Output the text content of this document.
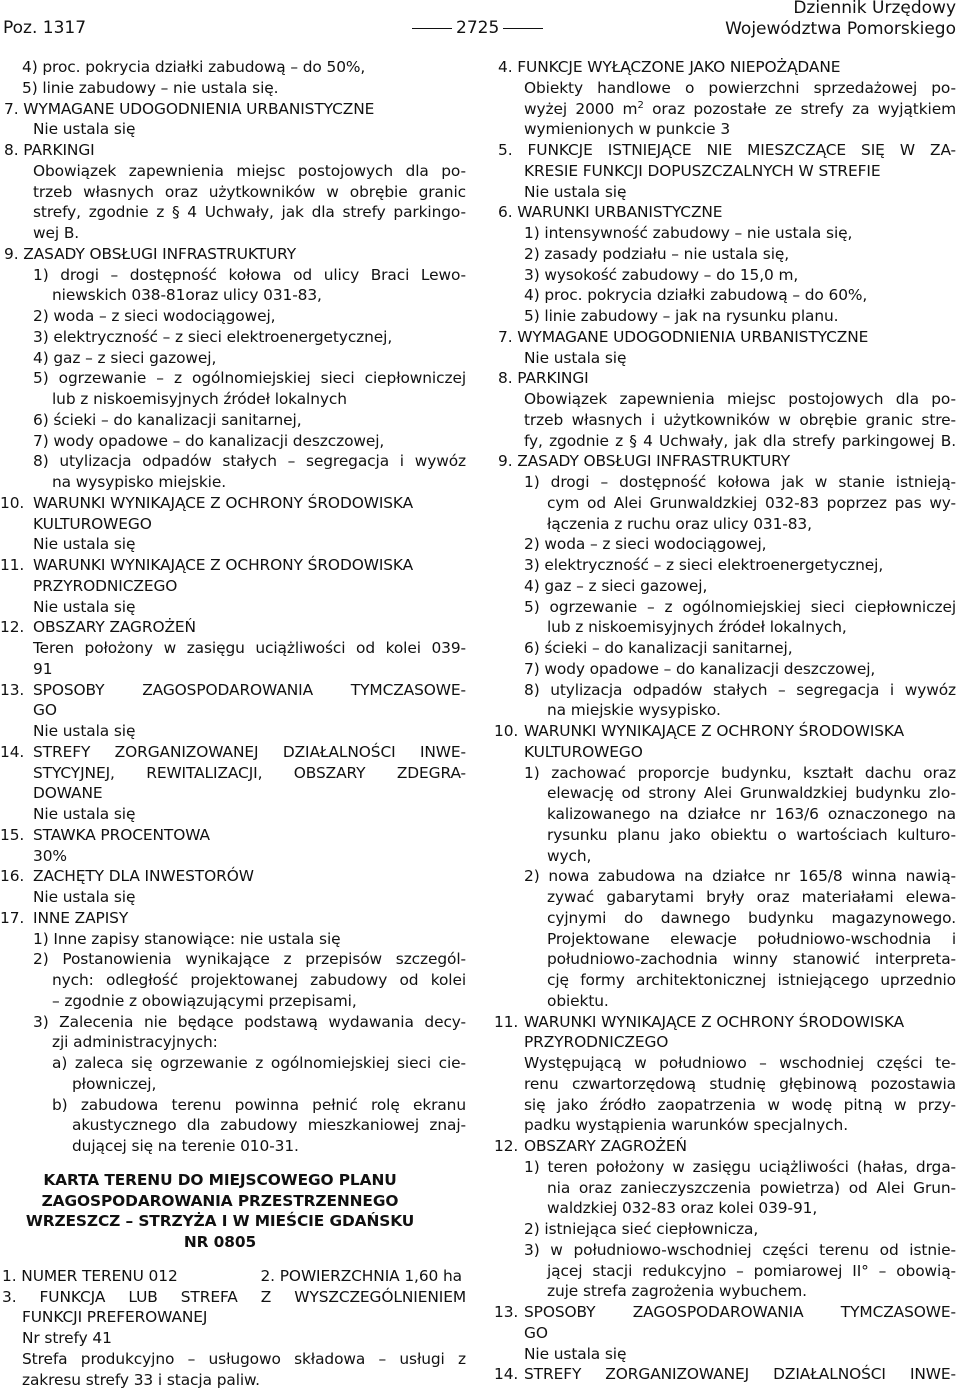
Poz. 1317	2725
Dziennik Urzędowy
Województwa Pomorskiego
4) proc. pokrycia działki zabudową – do 50%,
5) linie zabudowy – nie ustala się.
7. WYMAGANE UDOGODNIENIA URBANISTYCZNE
Nie ustala się
8. PARKINGI
Obowiązek zapewnienia miejsc postojowych dla po-
trzeb własnych oraz użytkowników w obrębie granic
strefy, zgodnie z § 4 Uchwały, jak dla strefy parkingo-
wej B.
9. ZASADY OBSŁUGI INFRASTRUKTURY
1) drogi – dostępność kołowa od ulicy Braci Lewo-
niewskich 038-81oraz ulicy 031-83,
2) woda – z sieci wodociągowej,
3) elektryczność – z sieci elektroenergetycznej,
4) gaz – z sieci gazowej,
5) ogrzewanie – z ogólnomiejskiej sieci ciepłowniczej
lub z niskoemisyjnych źródeł lokalnych
6) ścieki – do kanalizacji sanitarnej,
7) wody opadowe – do kanalizacji deszczowej,
8) utylizacja odpadów stałych – segregacja i wywóz
na wysypisko miejskie.
10. WARUNKI WYNIKAJĄCE Z OCHRONY ŚRODOWISKA
KULTUROWEGO
Nie ustala się
11. WARUNKI WYNIKAJĄCE Z OCHRONY ŚRODOWISKA
PRZYRODNICZEGO
Nie ustala się
12. OBSZARY ZAGROŻEŃ
Teren położony w zasięgu uciążliwości od kolei 039-
91
13. SPOSOBY ZAGOSPODAROWANIA TYMCZASOWE-
GO
Nie ustala się
14. STREFY ZORGANIZOWANEJ DZIAŁALNOŚCI INWE-
STYCYJNEJ, REWITALIZACJI, OBSZARY ZDEGRA-
DOWANE
Nie ustala się
15. STAWKA PROCENTOWA
30%
16. ZACHĘTY DLA INWESTORÓW
Nie ustala się
17. INNE ZAPISY
1) Inne zapisy stanowiące: nie ustala się
2) Postanowienia wynikające z przepisów szczegól-
nych: odległość projektowanej zabudowy od kolei
– zgodnie z obowiązującymi przepisami,
3) Zalecenia nie będące podstawą wydawania decy-
zji administracyjnych:
a) zaleca się ogrzewanie z ogólnomiejskiej sieci cie-
płowniczej,
b) zabudowa terenu powinna pełnić rolę ekranu
akustycznego dla zabudowy mieszkaniowej znaj-
dującej się na terenie 010-31.
KARTA TERENU DO MIEJSCOWEGO PLANU
ZAGOSPODAROWANIA PRZESTRZENNEGO
WRZESZCZ – STRZYŻA I W MIEŚCIE GDAŃSKU
NR 0805
1. NUMER TERENU 012	2. POWIERZCHNIA 1,60 ha
3. FUNKCJA LUB STREFA Z WYSZCZEGÓLNIENIEM
FUNKCJI PREFEROWANEJ
Nr strefy 41
Strefa produkcyjno – usługowo składowa – usługi z
zakresu strefy 33 i stacja paliw.
4. FUNKCJE WYŁĄCZONE JAKO NIEPOŻĄDANE
Obiekty handlowe o powierzchni sprzedażowej po-
wyżej 2000 $m^2$ oraz pozostałe ze strefy za wyjątkiem
wymienionych w punkcie 3
5. FUNKCJE ISTNIEJĄCE NIE MIESZCZĄCE SIĘ W ZA-
KRESIE FUNKCJI DOPUSZCZALNYCH W STREFIE
Nie ustala się
6. WARUNKI URBANISTYCZNE
1) intensywność zabudowy – nie ustala się,
2) zasady podziału – nie ustala się,
3) wysokość zabudowy – do 15,0 m,
4) proc. pokrycia działki zabudową – do 60%,
5) linie zabudowy – jak na rysunku planu.
7. WYMAGANE UDOGODNIENIA URBANISTYCZNE
Nie ustala się
8. PARKINGI
Obowiązek zapewnienia miejsc postojowych dla po-
trzeb własnych i użytkowników w obrębie granic stre-
fy, zgodnie z § 4 Uchwały, jak dla strefy parkingowej B.
9. ZASADY OBSŁUGI INFRASTRUKTURY
1) drogi – dostępność kołowa jak w stanie istnieją-
cym od Alei Grunwaldzkiej 032-83 poprzez pas wy-
łączenia z ruchu oraz ulicy 031-83,
2) woda – z sieci wodociągowej,
3) elektryczność – z sieci elektroenergetycznej,
4) gaz – z sieci gazowej,
5) ogrzewanie – z ogólnomiejskiej sieci ciepłowniczej
lub z niskoemisyjnych źródeł lokalnych,
6) ścieki – do kanalizacji sanitarnej,
7) wody opadowe – do kanalizacji deszczowej,
8) utylizacja odpadów stałych – segregacja i wywóz
na miejskie wysypisko.
10. WARUNKI WYNIKAJĄCE Z OCHRONY ŚRODOWISKA
KULTUROWEGO
1) zachować proporcje budynku, kształt dachu oraz
elewację od strony Alei Grunwaldzkiej budynku zlo-
kalizowanego na działce nr 163/6 oznaczonego na
rysunku planu jako obiektu o wartościach kulturo-
wych,
2) nowa zabudowa na działce nr 165/8 winna nawią-
zywać gabarytami bryły oraz materiałami elewa-
cyjnymi do dawnego budynku magazynowego.
Projektowane elewacje południowo-wschodnia i
południowo-zachodnia winny stanowić interpreta-
cję formy architektonicznej istniejącego uprzednio
obiektu.
11. WARUNKI WYNIKAJĄCE Z OCHRONY ŚRODOWISKA
PRZYRODNICZEGO
Występującą w południowo – wschodniej części te-
renu czwartorzędową studnię głębinową pozostawia
się jako źródło zaopatrzenia w wodę pitną w przy-
padku wystąpienia warunków specjalnych.
12. OBSZARY ZAGROŻEŃ
1) teren położony w zasięgu uciążliwości (hałas, drga-
nia oraz zanieczyszczenia powietrza) od Alei Grun-
waldzkiej 032-83 oraz kolei 039-91,
2) istniejąca sieć ciepłownicza,
3) w południowo-wschodniej części terenu od istnie-
jącej stacji redukcyjno – pomiarowej II° – obowią-
zuje strefa zagrożenia wybuchem.
13. SPOSOBY ZAGOSPODAROWANIA TYMCZASOWE-
GO
Nie ustala się
14. STREFY ZORGANIZOWANEJ DZIAŁALNOŚCI INWE-
